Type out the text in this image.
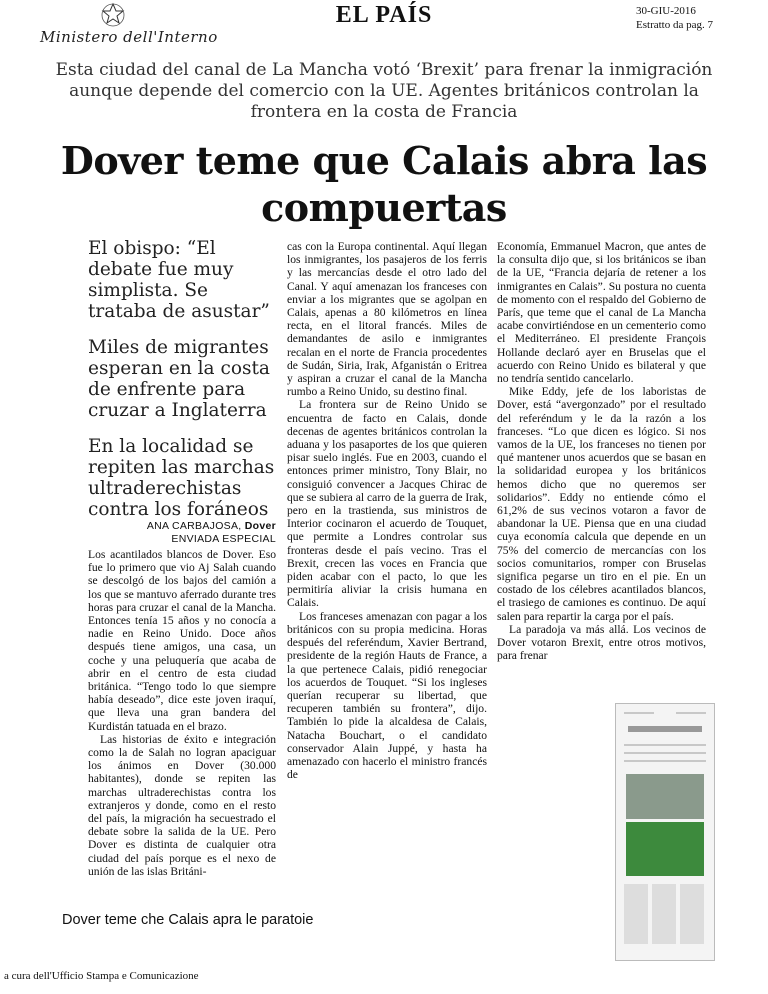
Ministero dell'Interno
EL PAÍS	30-GIU-2016
Estratto da pag. 7
Esta ciudad del canal de La Mancha votó ‘Brexit’ para frenar la inmigración aunque depende del comercio con la UE. Agentes británicos controlan la frontera en la costa de Francia
Dover teme que Calais abra las compuertas
El obispo: “El debate fue muy simplista. Se trataba de asustar”
Miles de migrantes esperan en la costa de enfrente para cruzar a Inglaterra
En la localidad se repiten las marchas ultraderechistas contra los foráneos
ANA CARBAJOSA, Dover
ENVIADA ESPECIAL

Los acantilados blancos de Dover. Eso fue lo primero que vio Aj Salah cuando se descolgó de los bajos del camión a los que se mantuvo aferrado durante tres horas para cruzar el canal de la Mancha. Entonces tenía 15 años y no conocía a nadie en Reino Unido. Doce años después tiene amigos, una casa, un coche y una peluquería que acaba de abrir en el centro de esta ciudad británica. “Tengo todo lo que siempre había deseado”, dice este joven iraquí, que lleva una gran bandera del Kurdistán tatuada en el brazo.

Las historias de éxito e integración como la de Salah no logran apaciguar los ánimos en Dover (30.000 habitantes), donde se repiten las marchas ultraderechistas contra los extranjeros y donde, como en el resto del país, la migración ha secuestrado el debate sobre la salida de la UE. Pero Dover es distinta de cualquier otra ciudad del país porque es el nexo de unión de las islas Británi-

cas con la Europa continental. Aquí llegan los inmigrantes, los pasajeros de los ferris y las mercancías desde el otro lado del Canal. Y aquí amenazan los franceses con enviar a los migrantes que se agolpan en Calais, apenas a 80 kilómetros en línea recta, en el litoral francés. Miles de demandantes de asilo e inmigrantes recalan en el norte de Francia procedentes de Sudán, Siria, Irak, Afganistán o Eritrea y aspiran a cruzar el canal de la Mancha rumbo a Reino Unido, su destino final.

La frontera sur de Reino Unido se encuentra de facto en Calais, donde decenas de agentes británicos controlan la aduana y los pasaportes de los que quieren pisar suelo inglés. Fue en 2003, cuando el entonces primer ministro, Tony Blair, no consiguió convencer a Jacques Chirac de que se subiera al carro de la guerra de Irak, pero en la trastienda, sus ministros de Interior cocinaron el acuerdo de Touquet, que permite a Londres controlar sus fronteras desde el país vecino. Tras el Brexit, crecen las voces en Francia que piden acabar con el pacto, lo que les permitiría aliviar la crisis humana en Calais.

Los franceses amenazan con pagar a los británicos con su propia medicina. Horas después del referéndum, Xavier Bertrand, presidente de la región Hauts de France, a la que pertenece Calais, pidió renegociar los acuerdos de Touquet. “Si los ingleses querían recuperar su libertad, que recuperen también su frontera”, dijo. También lo pide la alcaldesa de Calais, Natacha Bouchart, o el candidato conservador Alain Juppé, y hasta ha amenazado con hacerlo el ministro francés de

Economía, Emmanuel Macron, que antes de la consulta dijo que, si los británicos se iban de la UE, “Francia dejaría de retener a los inmigrantes en Calais”. Su postura no cuenta de momento con el respaldo del Gobierno de París, que teme que el canal de La Mancha acabe convirtiéndose en un cementerio como el Mediterráneo. El presidente François Hollande declaró ayer en Bruselas que el acuerdo con Reino Unido es bilateral y que no tendría sentido cancelarlo.

Mike Eddy, jefe de los laboristas de Dover, está “avergonzado” por el resultado del referéndum y le da la razón a los franceses. “Lo que dicen es lógico. Si nos vamos de la UE, los franceses no tienen por qué mantener unos acuerdos que se basan en la solidaridad europea y los británicos hemos dicho que no queremos ser solidarios”. Eddy no entiende cómo el 61,2% de sus vecinos votaron a favor de abandonar la UE. Piensa que en una ciudad cuya economía calcula que depende en un 75% del comercio de mercancías con los socios comunitarios, romper con Bruselas significa pegarse un tiro en el pie. En un costado de los célebres acantilados blancos, el trasiego de camiones es continuo. De aquí salen para repartir la carga por el país.

La paradoja va más allá. Los vecinos de Dover votaron Brexit, entre otros motivos, para frenar

Dover teme che Calais apra le paratoie
a cura dell'Ufficio Stampa e Comunicazione
